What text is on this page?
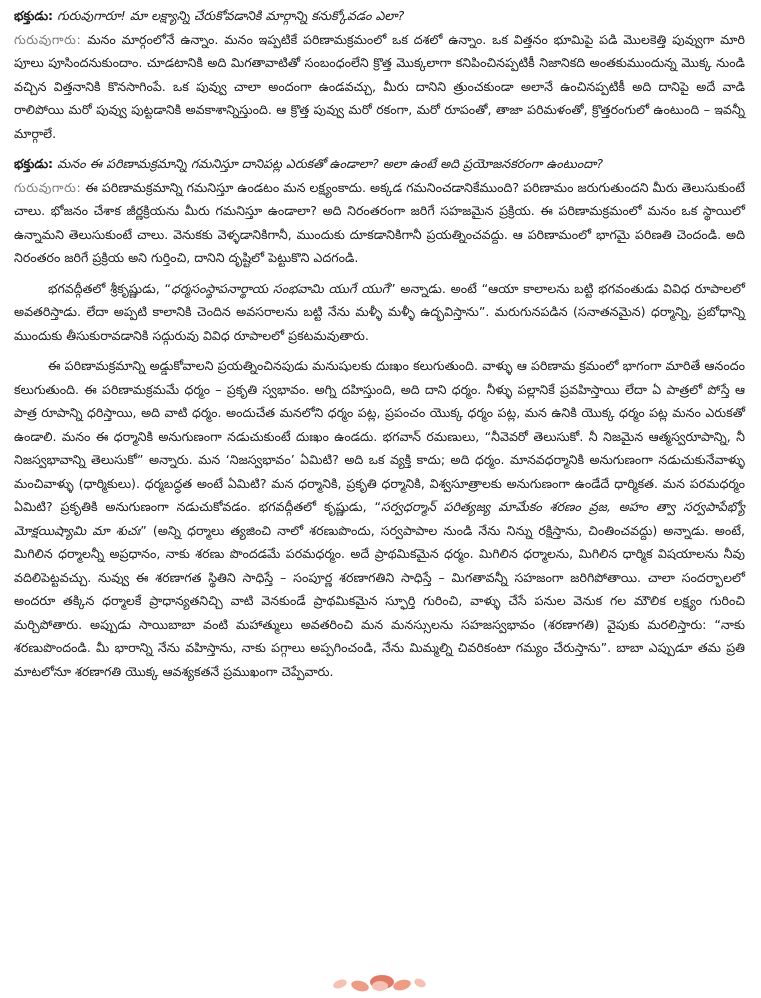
భక్తుడు: గురువుగారూ! మా లక్ష్యాన్ని చేరుకోవడానికి మార్గాన్ని కనుక్కోవడం ఎలా?

గురువుగారు: మనం మార్గంలోనే ఉన్నాం. మనం ఇప్పటికే పరిణామక్రమంలో ఒక దశలో ఉన్నాం. ఒక విత్తనం భూమిపై పడి మొలకెత్తి పువ్వుగా మారి పూలు పూసిందనుకుందాం. చూడటానికి అది మిగతావాటితో సంబంధంలేని క్రొత్త మొక్కలాగా కనిపించినప్పటికీ నిజానికది అంతకుముందున్న మొక్క నుండి వచ్చిన విత్తనానికి కొనసాగింపే. ఒక పువ్వు చాలా అందంగా ఉండవచ్చు, మీరు దానిని త్రుంచకుండా అలానే ఉంచినప్పటికీ అది దానిపై అదే వాడి రాలిపోయి మరో పువ్వు పుట్టడానికి అవకాశాన్నిస్తుంది. ఆ క్రొత్త పువ్వు మరో రకంగా, మరో రూపంతో, తాజా పరిమళంతో, క్రొత్తరంగులో ఉంటుంది – ఇవన్నీ మార్గాలే.

భక్తుడు: మనం ఈ పరిణామక్రమాన్ని గమనిస్తూ దానిపట్ల ఎరుకతో ఉండాలా? అలా ఉంటే అది ప్రయోజనకరంగా ఉంటుందా?

గురువుగారు: ఈ పరిణామక్రమాన్ని గమనిస్తూ ఉండటం మన లక్ష్యంకాదు. అక్కడ గమనించడానికేముంది? పరిణామం జరుగుతుందని మీరు తెలుసుకుంటే చాలు. భోజనం చేశాక జీర్ణక్రియను మీరు గమనిస్తూ ఉండాలా? అది నిరంతరంగా జరిగే సహజమైన ప్రక్రియ. ఈ పరిణామక్రమంలో మనం ఒక స్థాయిలో ఉన్నామని తెలుసుకుంటే చాలు. వెనుకకు వెళ్ళడానికిగానీ, ముందుకు దూకడానికిగానీ ప్రయత్నించవద్దు. ఆ పరిణామంలో భాగమై పరిణతి చెందండి. అది నిరంతరం జరిగే ప్రక్రియ అని గుర్తించి, దానిని దృష్టిలో పెట్టుకొని ఎదగండి.

భగవద్గీతలో శ్రీకృష్ణుడు, “ధర్మసంస్థాపనార్థాయ సంభవామి యుగే యుగే” అన్నాడు. అంటే “ఆయా కాలాలను బట్టి భగవంతుడు వివిధ రూపాలలో అవతరిస్తాడు. లేదా అప్పటి కాలానికి చెందిన అవసరాలను బట్టి నేను మళ్ళీ మళ్ళీ ఉద్భవిస్తాను”. మరుగునపడిన (సనాతనమైన) ధర్మాన్ని, ప్రబోధాన్ని ముందుకు తీసుకురావడానికి సద్గురువు వివిధ రూపాలలో ప్రకటమవుతారు.

ఈ పరిణామక్రమాన్ని అడ్డుకోవాలని ప్రయత్నించినపుడు మనుషులకు దుఃఖం కలుగుతుంది. వాళ్ళు ఆ పరిణామ క్రమంలో భాగంగా మారితే ఆనందం కలుగుతుంది. ఈ పరిణామక్రమమే ధర్మం – ప్రకృతి స్వభావం. అగ్ని దహిస్తుంది, అది దాని ధర్మం. నీళ్ళు పల్లానికే ప్రవహిస్తాయి లేదా ఏ పాత్రలో పోస్తే ఆ పాత్ర రూపాన్ని ధరిస్తాయి, అది వాటి ధర్మం. అందుచేత మనలోని ధర్మం పట్ల, ప్రపంచం యొక్క ధర్మం పట్ల, మన ఉనికి యొక్క ధర్మం పట్ల మనం ఎరుకతో ఉండాలి. మనం ఈ ధర్మానికి అనుగుణంగా నడుచుకుంటే దుఃఖం ఉండదు. భగవాన్ రమణులు, “నీవెవరో తెలుసుకో. నీ నిజమైన ఆత్మస్వరూపాన్ని, నీ నిజస్వభావాన్ని తెలుసుకో” అన్నారు. మన ‘నిజస్వభావం’ ఏమిటి? అది ఒక వ్యక్తి కాదు; అది ధర్మం. మానవధర్మానికి అనుగుణంగా నడుచుకునేవాళ్ళు మంచివాళ్ళు (ధార్మికులు). ధర్మబద్ధత అంటే ఏమిటి? మన ధర్మానికి, ప్రకృతి ధర్మానికి, విశ్వసూత్రాలకు అనుగుణంగా ఉండేదే ధార్మికత. మన పరమధర్మం ఏమిటి? ప్రకృతికి అనుగుణంగా నడుచుకోవడం. భగవద్గీతలో కృష్ణుడు, “సర్వధర్మాన్ పరిత్యజ్య మామేకం శరణం వ్రజ, అహం త్వా సర్వపాపేభ్యో మోక్షయిష్యామి మా శుచః” (అన్ని ధర్మాలు త్యజించి నాలో శరణుపొందు, సర్వపాపాల నుండి నేను నిన్ను రక్షిస్తాను, చింతించవద్దు) అన్నాడు. అంటే, మిగిలిన ధర్మాలన్నీ అప్రధానం, నాకు శరణు పొందడమే పరమధర్మం. అదే ప్రాథమికమైన ధర్మం. మిగిలిన ధర్మాలను, మిగిలిన ధార్మిక విషయాలను నీవు వదిలిపెట్టవచ్చు. నువ్వు ఈ శరణాగత స్థితిని సాధిస్తే – సంపూర్ణ శరణాగతిని సాధిస్తే – మిగతావన్నీ సహజంగా జరిగిపోతాయి. చాలా సందర్భాలలో అందరూ తక్కిన ధర్మాలకే ప్రాధాన్యతనిచ్చి వాటి వెనకుండే ప్రాథమికమైన స్ఫూర్తి గురించి, వాళ్ళు చేసే పనుల వెనుక గల మౌలిక లక్ష్యం గురించి మర్చిపోతారు. అప్పుడు సాయిబాబా వంటి మహాత్ములు అవతరించి మన మనస్సులను సహజస్వభావం (శరణాగతి) వైపుకు మరలిస్తారు: “నాకు శరణుపొందండి. మీ భారాన్ని నేను వహిస్తాను, నాకు పగ్గాలు అప్పగించండి, నేను మిమ్మల్ని చివరికంటా గమ్యం చేరుస్తాను”. బాబా ఎప్పుడూ తమ ప్రతి మాటలోనూ శరణాగతి యొక్క ఆవశ్యకతనే ప్రముఖంగా చెప్పేవారు.
